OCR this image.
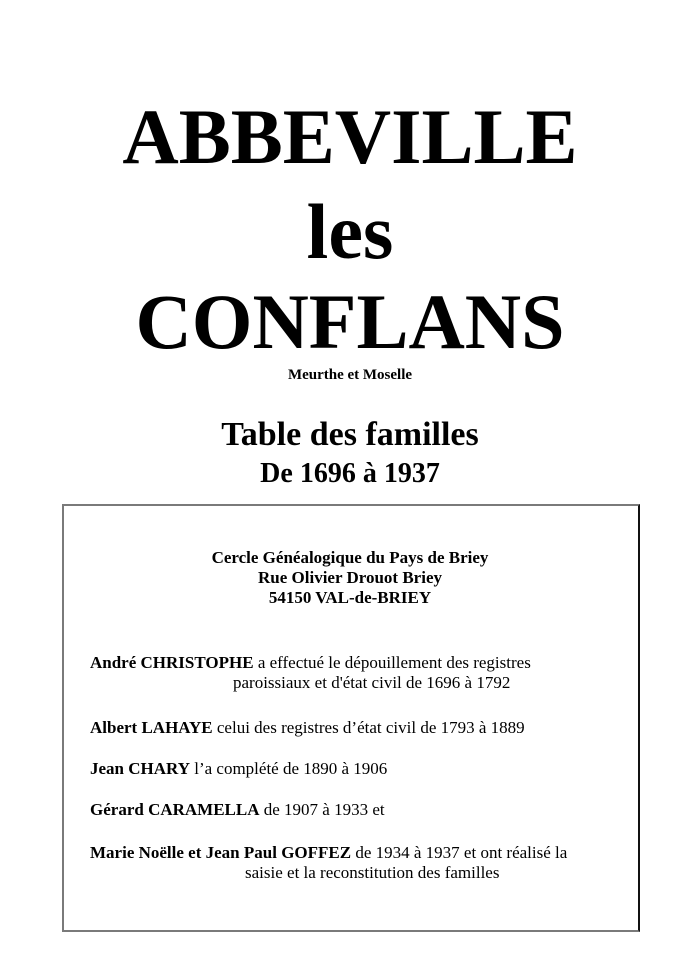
ABBEVILLE
les
CONFLANS
Meurthe et Moselle
Table des familles
De 1696 à 1937
Cercle Généalogique du Pays de Briey
Rue Olivier Drouot Briey
54150 VAL-de-BRIEY
André CHRISTOPHE a effectué le dépouillement des registres
paroissiaux et d'état civil de 1696 à 1792
Albert LAHAYE celui des registres d’état civil de 1793 à 1889
Jean CHARY l’a complété de 1890 à 1906
Gérard CARAMELLA de 1907 à 1933 et
Marie Noëlle et Jean Paul GOFFEZ de 1934 à 1937 et ont réalisé la
saisie et la reconstitution des familles
